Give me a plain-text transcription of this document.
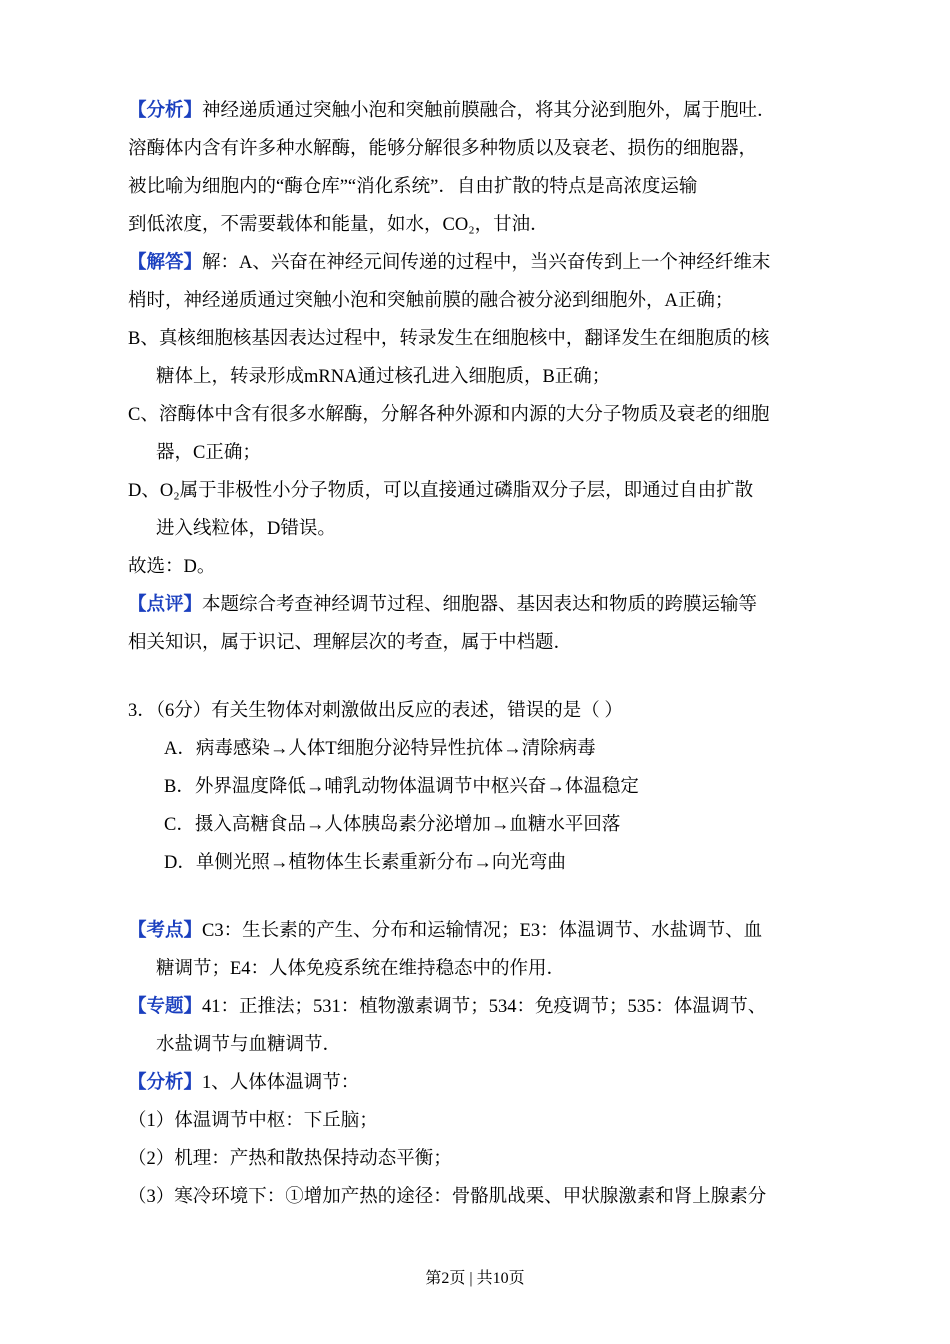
【分析】神经递质通过突触小泡和突触前膜融合，将其分泌到胞外，属于胞吐．
溶酶体内含有许多种水解酶，能够分解很多种物质以及衰老、损伤的细胞器，
被比喻为细胞内的“酶仓库”“消化系统”．自由扩散的特点是高浓度运输
到低浓度，不需要载体和能量，如水，CO₂，甘油．
【解答】解：A、兴奋在神经元间传递的过程中，当兴奋传到上一个神经纤维末
梢时，神经递质通过突触小泡和突触前膜的融合被分泌到细胞外，A正确；
B、真核细胞核基因表达过程中，转录发生在细胞核中，翻译发生在细胞质的核
糖体上，转录形成mRNA通过核孔进入细胞质，B正确；
C、溶酶体中含有很多水解酶，分解各种外源和内源的大分子物质及衰老的细胞
器，C正确；
D、O₂属于非极性小分子物质，可以直接通过磷脂双分子层，即通过自由扩散
进入线粒体，D错误。
故选：D。
【点评】本题综合考查神经调节过程、细胞器、基因表达和物质的跨膜运输等
相关知识，属于识记、理解层次的考查，属于中档题．
3．（6分）有关生物体对刺激做出反应的表述，错误的是（ ）
A．病毒感染→人体T细胞分泌特异性抗体→清除病毒
B．外界温度降低→哺乳动物体温调节中枢兴奋→体温稳定
C．摄入高糖食品→人体胰岛素分泌增加→血糖水平回落
D．单侧光照→植物体生长素重新分布→向光弯曲
【考点】C3：生长素的产生、分布和运输情况；E3：体温调节、水盐调节、血
糖调节；E4：人体免疫系统在维持稳态中的作用．
【专题】41：正推法；531：植物激素调节；534：免疫调节；535：体温调节、
水盐调节与血糖调节．
【分析】1、人体体温调节：
（1）体温调节中枢：下丘脑；
（2）机理：产热和散热保持动态平衡；
（3）寒冷环境下：①增加产热的途径：骨骼肌战栗、甲状腺激素和肾上腺素分
第2页 | 共10页
